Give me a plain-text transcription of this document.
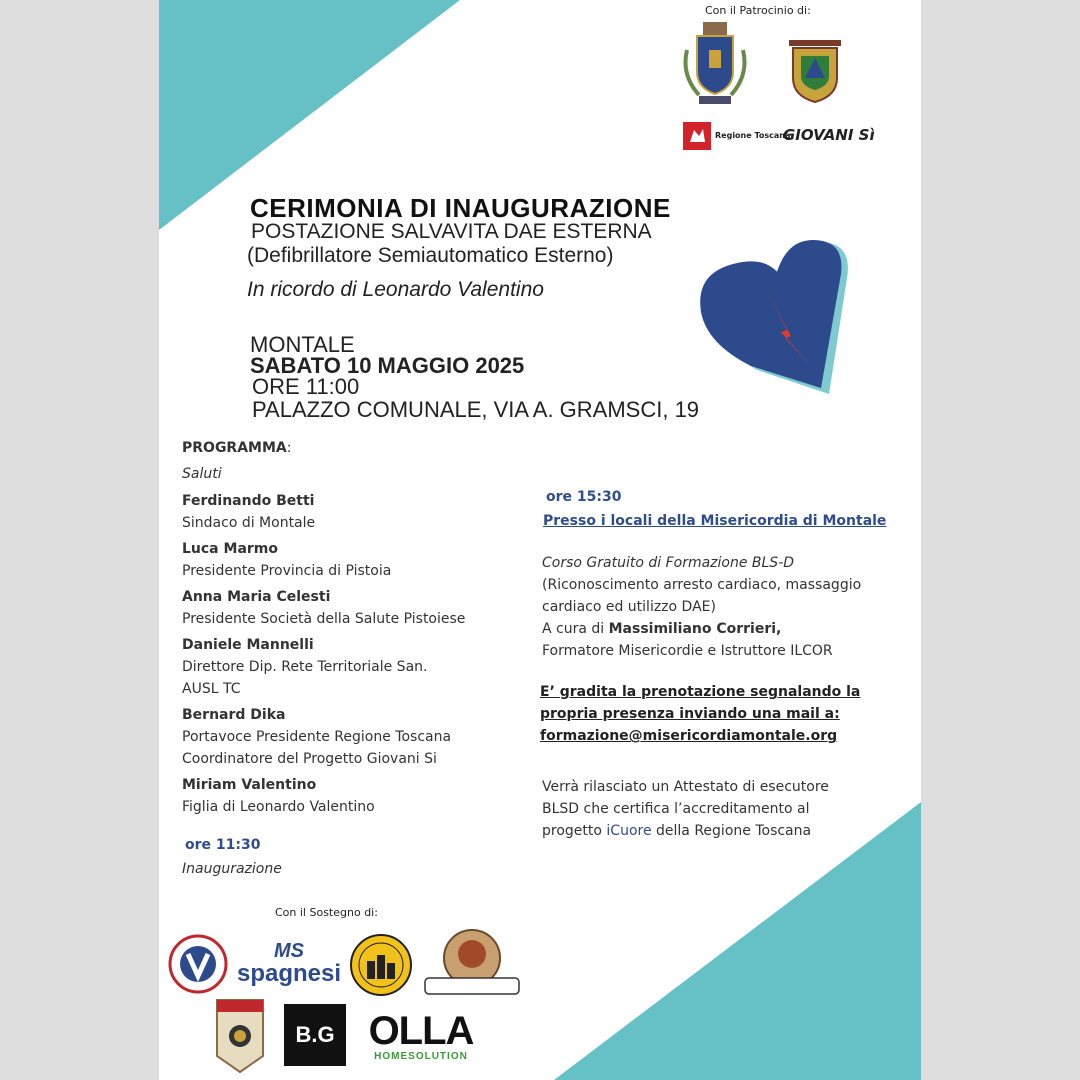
Con il Patrocinio di:
Regione Toscana
GIOVANI Sì
CERIMONIA DI INAUGURAZIONE
POSTAZIONE SALVAVITA DAE ESTERNA
(Defibrillatore Semiautomatico Esterno)
In ricordo di Leonardo Valentino
MONTALE
SABATO 10 MAGGIO 2025
ORE 11:00
PALAZZO COMUNALE, VIA A. GRAMSCI, 19
PROGRAMMA:
Saluti
Ferdinando Betti
Sindaco di Montale
Luca Marmo
Presidente Provincia di Pistoia
Anna Maria Celesti
Presidente Società della Salute Pistoiese
Daniele Mannelli
Direttore Dip. Rete Territoriale San.
AUSL TC
Bernard Dika
Portavoce Presidente Regione Toscana
Coordinatore del Progetto Giovani Si
Miriam Valentino
Figlia di Leonardo Valentino
ore 11:30
Inaugurazione
ore 15:30
Presso i locali della Misericordia di Montale
Corso Gratuito di Formazione BLS-D
(Riconoscimento arresto cardiaco, massaggio
cardiaco ed utilizzo DAE)
A cura di Massimiliano Corrieri,
Formatore Misericordie e Istruttore ILCOR
E’ gradita la prenotazione segnalando la
propria presenza inviando una mail a:
formazione@misericordiamontale.org
Verrà rilasciato un Attestato di esecutore
BLSD che certifica l’accreditamento al
progetto iCuore della Regione Toscana
Con il Sostegno di:
MS
spagnesi
B.G OLLA
HOMESOLUTION
